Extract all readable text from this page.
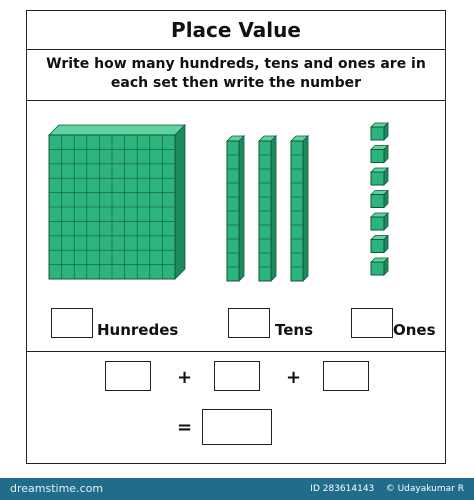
Place Value
Write how many hundreds, tens and ones are in
each set then write the number
Hunredes	Tens	Ones
+	+
=
dreamstime.com	ID 283614143 © Udayakumar R
